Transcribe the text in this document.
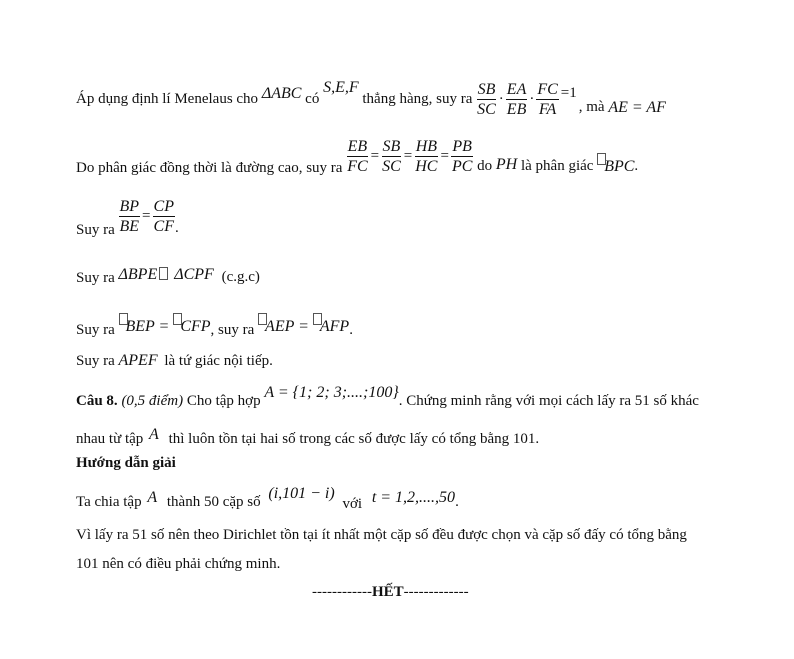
Áp dụng định lí Menelaus cho ΔABC có S,E,F thẳng hàng, suy ra $\frac{SB}{SC} \cdot \frac{EA}{EB} \cdot \frac{FC}{FA} =1$, mà AE = AF
Do phân giác đồng thời là đường cao, suy ra $\frac{EB}{FC} = \frac{SB}{SC} = \frac{HB}{HC} = \frac{PB}{PC}$ do PH là phân giác BPC.
Suy ra $\frac{BP}{BE} = \frac{CP}{CF}$ .
Suy ra ΔBPE ΔCPF (c.g.c)
Suy ra BEP = CFP, suy ra AEP = AFP.
Suy ra APEF là tứ giác nội tiếp.
Câu 8. (0,5 điểm) Cho tập hợp A = {1; 2; 3;....;100}. Chứng minh rằng với mọi cách lấy ra 51 số khác
nhau từ tập A thì luôn tồn tại hai số trong các số được lấy có tổng bằng 101.
Hướng dẫn giải
Ta chia tập A thành 50 cặp số (i,101 − i) với t = 1,2,....,50.
Vì lấy ra 51 số nên theo Dirichlet tồn tại ít nhất một cặp số đều được chọn và cặp số đấy có tổng bằng
101 nên có điều phải chứng minh.
------------HẾT-------------
